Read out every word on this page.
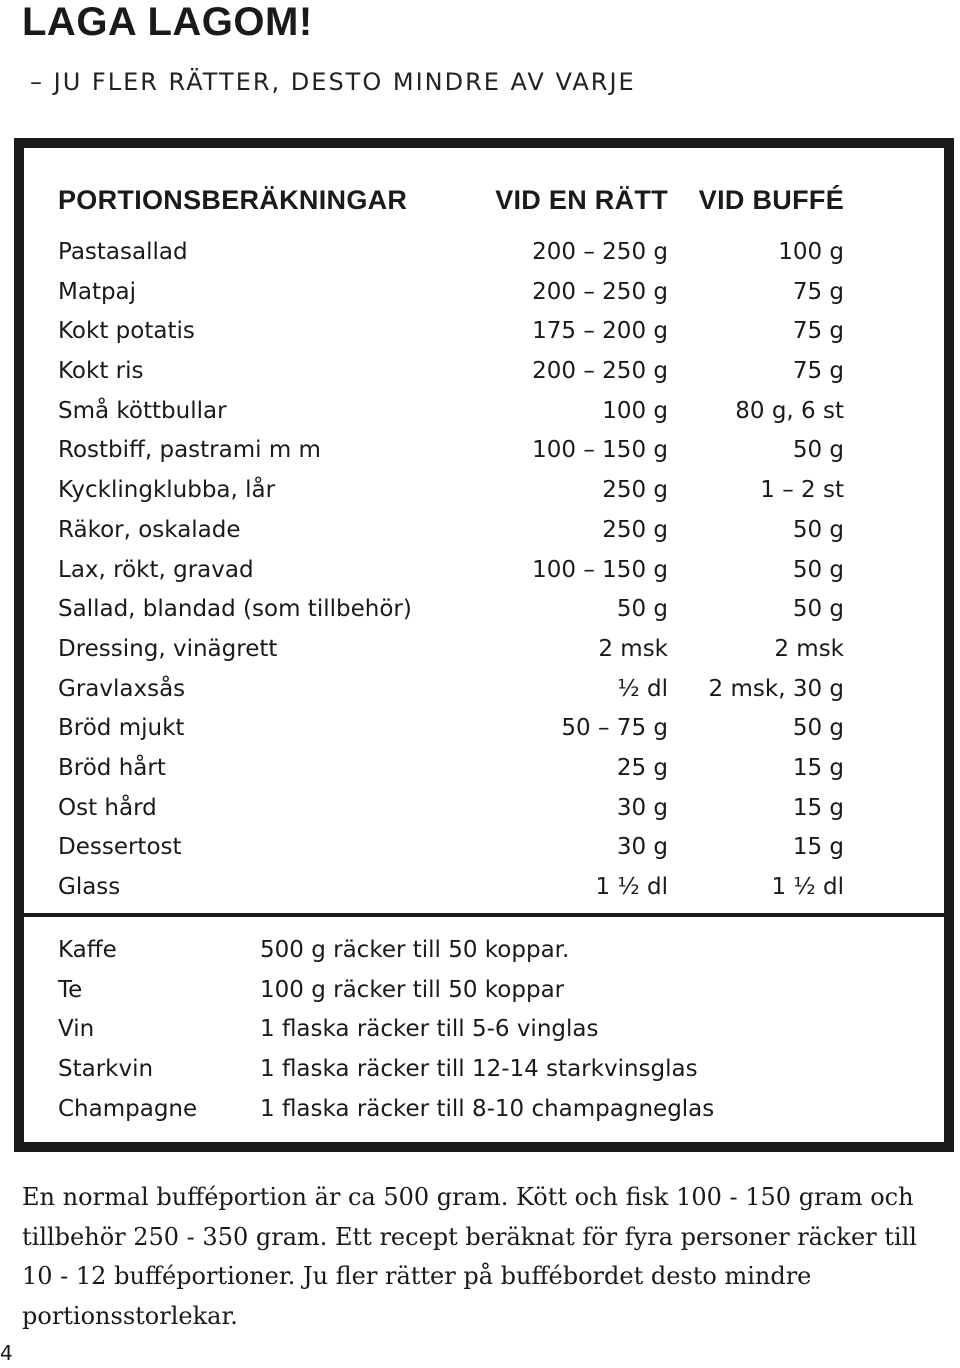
LAGA LAGOM!
– JU FLER RÄTTER, DESTO MINDRE AV VARJE
PORTIONSBERÄKNINGAR	VID EN RÄTT VID BUFFÉ
Pastasallad	200 – 250 g	100 g
Matpaj	200 – 250 g	75 g
Kokt potatis	175 – 200 g	75 g
Kokt ris	200 – 250 g	75 g
Små köttbullar	100 g	80 g, 6 st
Rostbiff, pastrami m m	100 – 150 g	50 g
Kycklingklubba, lår	250 g	1 – 2 st
Räkor, oskalade	250 g	50 g
Lax, rökt, gravad	100 – 150 g	50 g
Sallad, blandad (som tillbehör)	50 g	50 g
Dressing, vinägrett	2 msk	2 msk
Gravlaxsås	½ dl 2 msk, 30 g
Bröd mjukt	50 – 75 g	50 g
Bröd hårt	25 g	15 g
Ost hård	30 g	15 g
Dessertost	30 g	15 g
Glass	1 ½ dl	1 ½ dl
Kaffe	500 g räcker till 50 koppar.
Te	100 g räcker till 50 koppar
Vin	1 flaska räcker till 5-6 vinglas
Starkvin	1 flaska räcker till 12-14 starkvinsglas
Champagne	1 flaska räcker till 8-10 champagneglas
En normal bufféportion är ca 500 gram. Kött och fisk 100 - 150 gram och tillbehör 250 - 350 gram. Ett recept beräknat för fyra personer räcker till 10 - 12 bufféportioner. Ju fler rätter på buffébordet desto mindre portionsstorlekar.
4
